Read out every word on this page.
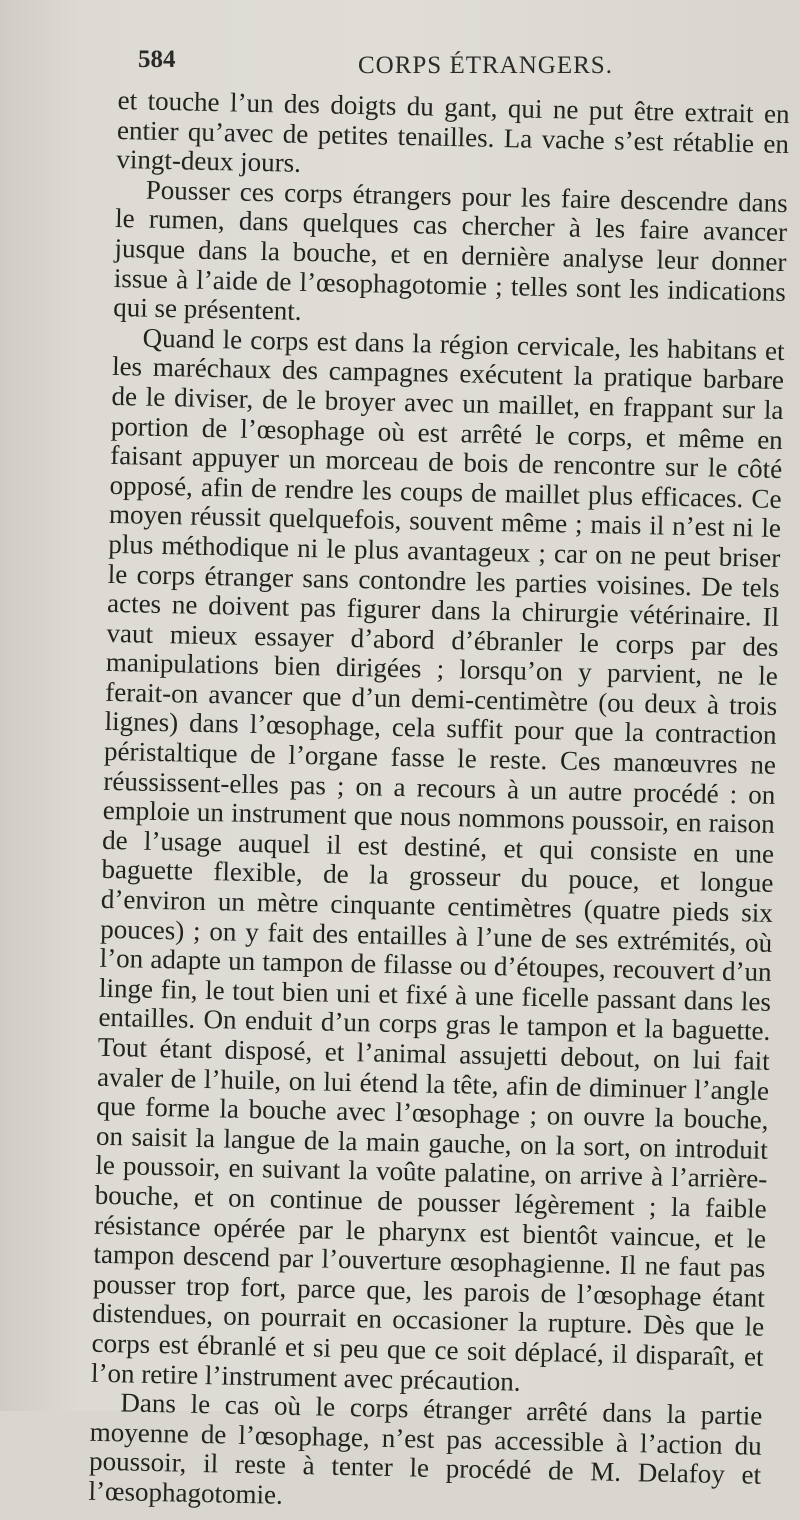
584	CORPS ÉTRANGERS.

et touche l’un des doigts du gant, qui ne put être extrait en entier qu’avec de petites tenailles. La vache s’est rétablie en vingt-deux jours.

Pousser ces corps étrangers pour les faire descendre dans le rumen, dans quelques cas chercher à les faire avancer jusque dans la bouche, et en dernière analyse leur donner issue à l’aide de l’œsophagotomie ; telles sont les indications qui se présentent.

Quand le corps est dans la région cervicale, les habitans et les maréchaux des campagnes exécutent la pratique barbare de le diviser, de le broyer avec un maillet, en frappant sur la portion de l’œsophage où est arrêté le corps, et même en faisant appuyer un morceau de bois de rencontre sur le côté opposé, afin de rendre les coups de maillet plus efficaces. Ce moyen réussit quelquefois, souvent même ; mais il n’est ni le plus méthodique ni le plus avantageux ; car on ne peut briser le corps étranger sans contondre les parties voisines. De tels actes ne doivent pas figurer dans la chirurgie vétérinaire. Il vaut mieux essayer d’abord d’ébranler le corps par des manipulations bien dirigées ; lorsqu’on y parvient, ne le ferait-on avancer que d’un demi-centimètre (ou deux à trois lignes) dans l’œsophage, cela suffit pour que la contraction péristaltique de l’organe fasse le reste. Ces manœuvres ne réussissent-elles pas ; on a recours à un autre procédé : on emploie un instrument que nous nommons poussoir, en raison de l’usage auquel il est destiné, et qui consiste en une baguette flexible, de la grosseur du pouce, et longue d’environ un mètre cinquante centimètres (quatre pieds six pouces) ; on y fait des entailles à l’une de ses extrémités, où l’on adapte un tampon de filasse ou d’étoupes, recouvert d’un linge fin, le tout bien uni et fixé à une ficelle passant dans les entailles. On enduit d’un corps gras le tampon et la baguette. Tout étant disposé, et l’animal assujetti debout, on lui fait avaler de l’huile, on lui étend la tête, afin de diminuer l’angle que forme la bouche avec l’œsophage ; on ouvre la bouche, on saisit la langue de la main gauche, on la sort, on introduit le poussoir, en suivant la voûte palatine, on arrive à l’arrière-bouche, et on continue de pousser légèrement ; la faible résistance opérée par le pharynx est bientôt vaincue, et le tampon descend par l’ouverture œsophagienne. Il ne faut pas pousser trop fort, parce que, les parois de l’œsophage étant distendues, on pourrait en occasioner la rupture. Dès que le corps est ébranlé et si peu que ce soit déplacé, il disparaît, et l’on retire l’instrument avec précaution.

Dans le cas où le corps étranger arrêté dans la partie moyenne de l’œsophage, n’est pas accessible à l’action du poussoir, il reste à tenter le procédé de M. Delafoy et l’œsophagotomie.
